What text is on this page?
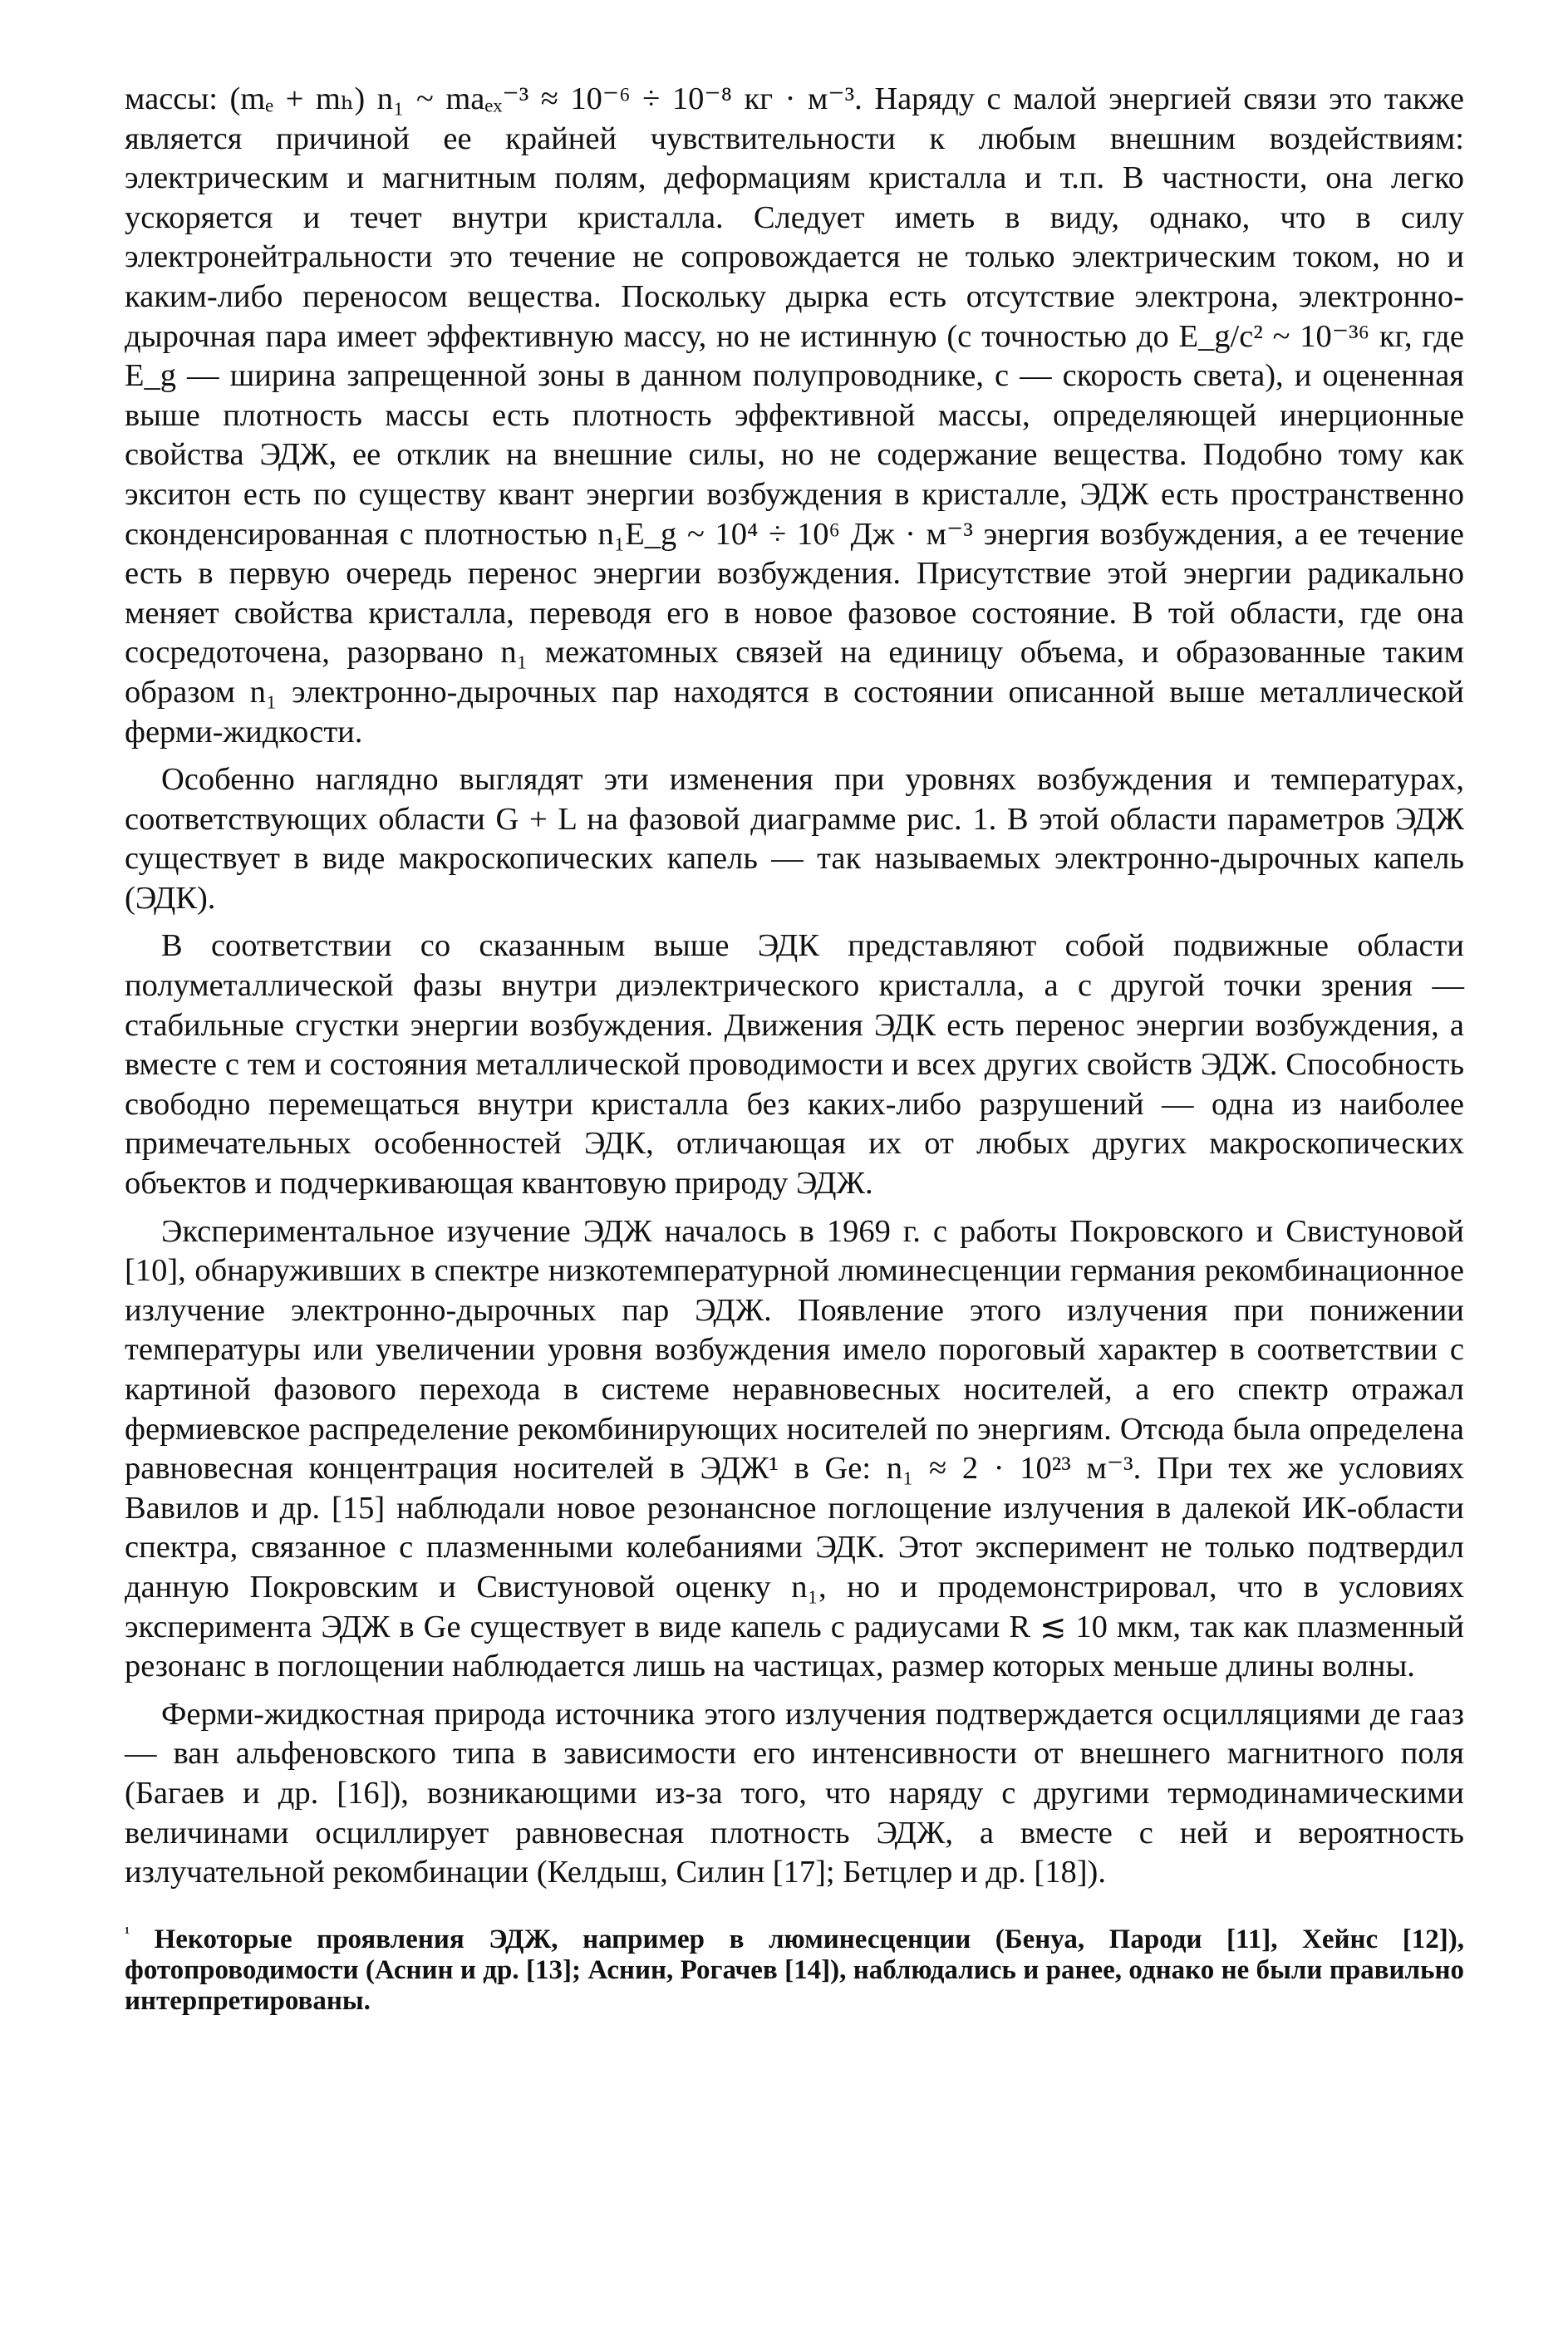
массы: (mₑ + mₕ) n₁ ~ maₑₓ⁻³ ≈ 10⁻⁶ ÷ 10⁻⁸ кг · м⁻³. Наряду с малой энергией связи это также является причиной ее крайней чувствительности к любым внешним воздействиям: электрическим и магнитным полям, деформациям кристалла и т.п. В частности, она легко ускоряется и течет внутри кристалла. Следует иметь в виду, однако, что в силу электронейтральности это течение не сопровождается не только электрическим током, но и каким-либо переносом вещества. Поскольку дырка есть отсутствие электрона, электронно-дырочная пара имеет эффективную массу, но не истинную (с точностью до E_g/c² ~ 10⁻³⁶ кг, где E_g — ширина запрещенной зоны в данном полупроводнике, c — скорость света), и оцененная выше плотность массы есть плотность эффективной массы, определяющей инерционные свойства ЭДЖ, ее отклик на внешние силы, но не содержание вещества. Подобно тому как экситон есть по существу квант энергии возбуждения в кристалле, ЭДЖ есть пространственно сконденсированная с плотностью n₁E_g ~ 10⁴ ÷ 10⁶ Дж · м⁻³ энергия возбуждения, а ее течение есть в первую очередь перенос энергии возбуждения. Присутствие этой энергии радикально меняет свойства кристалла, переводя его в новое фазовое состояние. В той области, где она сосредоточена, разорвано n₁ межатомных связей на единицу объема, и образованные таким образом n₁ электронно-дырочных пар находятся в состоянии описанной выше металлической ферми-жидкости.

Особенно наглядно выглядят эти изменения при уровнях возбуждения и температурах, соответствующих области G + L на фазовой диаграмме рис. 1. В этой области параметров ЭДЖ существует в виде макроскопических капель — так называемых электронно-дырочных капель (ЭДК).

В соответствии со сказанным выше ЭДК представляют собой подвижные области полуметаллической фазы внутри диэлектрического кристалла, а с другой точки зрения — стабильные сгустки энергии возбуждения. Движения ЭДК есть перенос энергии возбуждения, а вместе с тем и состояния металлической проводимости и всех других свойств ЭДЖ. Способность свободно перемещаться внутри кристалла без каких-либо разрушений — одна из наиболее примечательных особенностей ЭДК, отличающая их от любых других макроскопических объектов и подчеркивающая квантовую природу ЭДЖ.

Экспериментальное изучение ЭДЖ началось в 1969 г. с работы Покровского и Свистуновой [10], обнаруживших в спектре низкотемпературной люминесценции германия рекомбинационное излучение электронно-дырочных пар ЭДЖ. Появление этого излучения при понижении температуры или увеличении уровня возбуждения имело пороговый характер в соответствии с картиной фазового перехода в системе неравновесных носителей, а его спектр отражал фермиевское распределение рекомбинирующих носителей по энергиям. Отсюда была определена равновесная концентрация носителей в ЭДЖ¹ в Ge: n₁ ≈ 2 · 10²³ м⁻³. При тех же условиях Вавилов и др. [15] наблюдали новое резонансное поглощение излучения в далекой ИК-области спектра, связанное с плазменными колебаниями ЭДК. Этот эксперимент не только подтвердил данную Покровским и Свистуновой оценку n₁, но и продемонстрировал, что в условиях эксперимента ЭДЖ в Ge существует в виде капель с радиусами R ≲ 10 мкм, так как плазменный резонанс в поглощении наблюдается лишь на частицах, размер которых меньше длины волны.

Ферми-жидкостная природа источника этого излучения подтверждается осцилляциями де гааз — ван альфеновского типа в зависимости его интенсивности от внешнего магнитного поля (Багаев и др. [16]), возникающими из-за того, что наряду с другими термодинамическими величинами осциллирует равновесная плотность ЭДЖ, а вместе с ней и вероятность излучательной рекомбинации (Келдыш, Силин [17]; Бетцлер и др. [18]).

$^{^1}$ Некоторые проявления ЭДЖ, например в люминесценции (Бенуа, Пароди [11], Хейнс [12]), фотопроводимости (Аснин и др. [13]; Аснин, Рогачев [14]), наблюдались и ранее, однако не были правильно интерпретированы.
